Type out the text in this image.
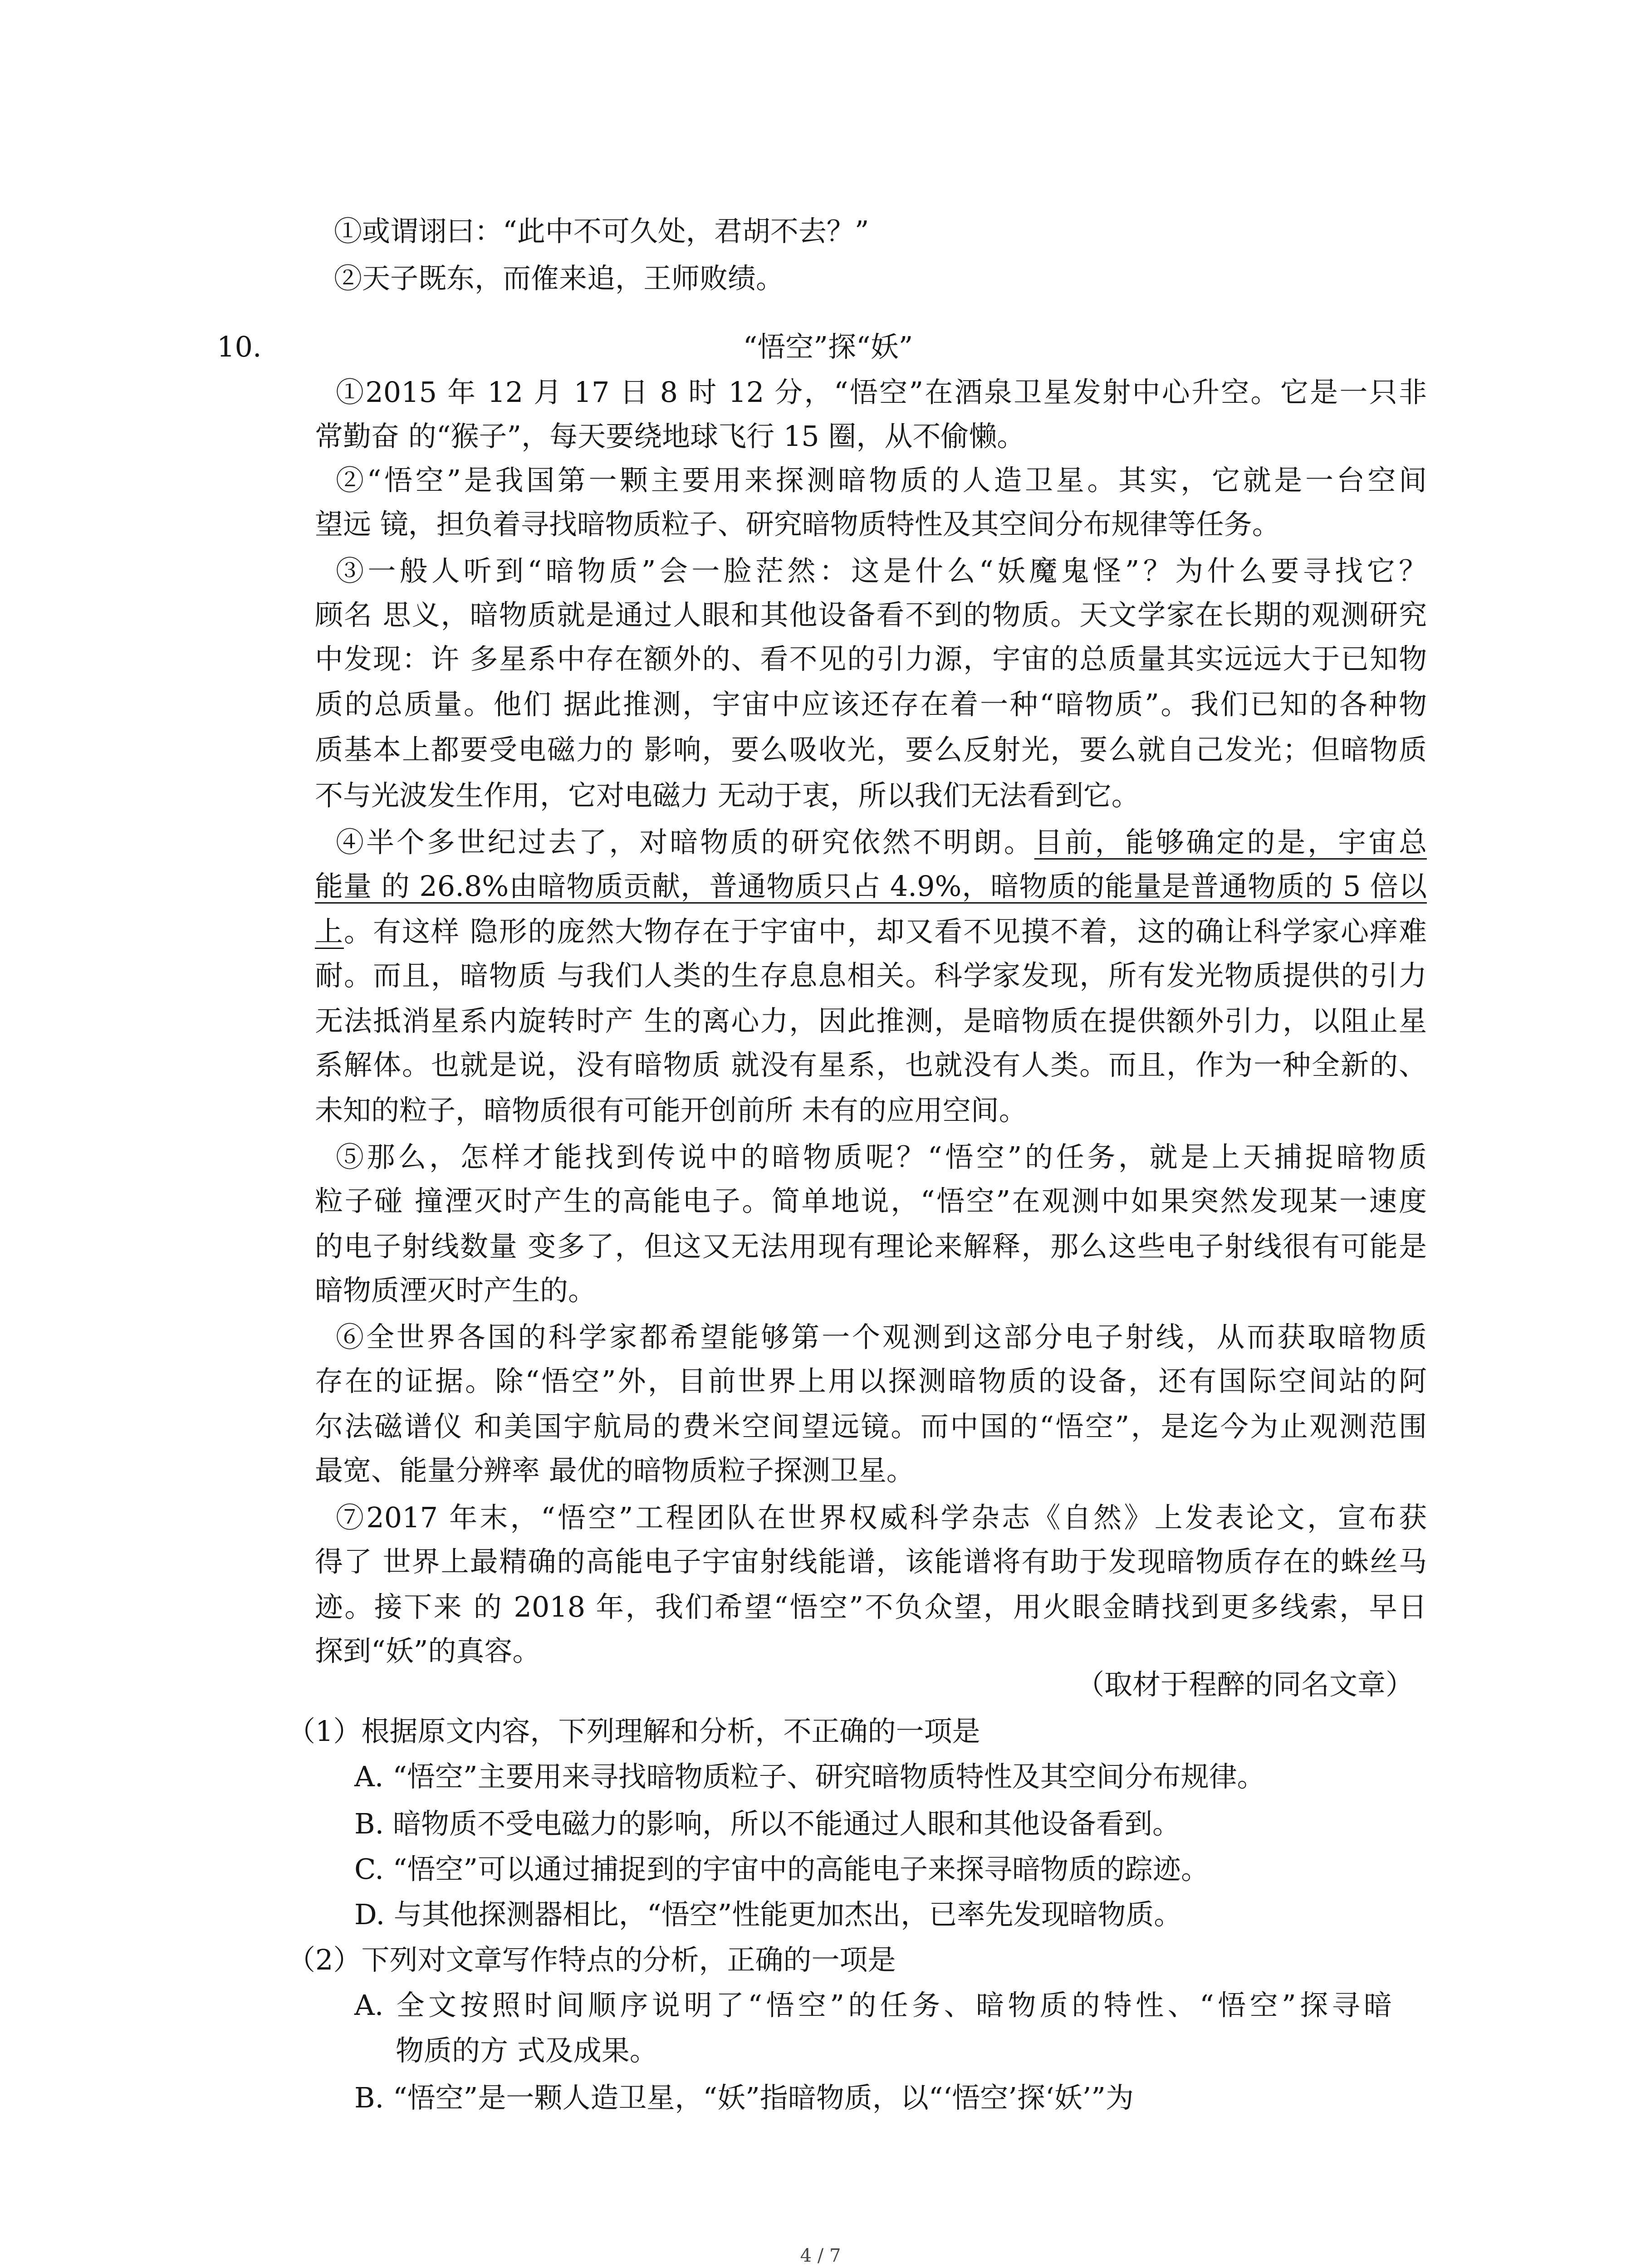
①或谓诩曰：“此中不可久处，君胡不去？”
②天子既东，而傕来追，王师败绩。
10.	“悟空”探“妖”
①2015 年 12 月 17 日 8 时 12 分，“悟空”在酒泉卫星发射中心升空。它是一只非
常勤奋 的“猴子”，每天要绕地球飞行 15 圈，从不偷懒。
②“悟空”是我国第一颗主要用来探测暗物质的人造卫星。其实，它就是一台空间
望远 镜，担负着寻找暗物质粒子、研究暗物质特性及其空间分布规律等任务。
③一般人听到“暗物质”会一脸茫然：这是什么“妖魔鬼怪”？为什么要寻找它？
顾名 思义，暗物质就是通过人眼和其他设备看不到的物质。天文学家在长期的观测研究
中发现：许 多星系中存在额外的、看不见的引力源，宇宙的总质量其实远远大于已知物
质的总质量。他们 据此推测，宇宙中应该还存在着一种“暗物质”。我们已知的各种物
质基本上都要受电磁力的 影响，要么吸收光，要么反射光，要么就自己发光；但暗物质
不与光波发生作用，它对电磁力 无动于衷，所以我们无法看到它。
④半个多世纪过去了，对暗物质的研究依然不明朗。目前，能够确定的是，宇宙总
能量 的 26.8%由暗物质贡献，普通物质只占 4.9%，暗物质的能量是普通物质的 5 倍以
上。有这样 隐形的庞然大物存在于宇宙中，却又看不见摸不着，这的确让科学家心痒难
耐。而且，暗物质 与我们人类的生存息息相关。科学家发现，所有发光物质提供的引力
无法抵消星系内旋转时产 生的离心力，因此推测，是暗物质在提供额外引力，以阻止星
系解体。也就是说，没有暗物质 就没有星系，也就没有人类。而且，作为一种全新的、
未知的粒子，暗物质很有可能开创前所 未有的应用空间。
⑤那么，怎样才能找到传说中的暗物质呢？“悟空”的任务，就是上天捕捉暗物质
粒子碰 撞湮灭时产生的高能电子。简单地说，“悟空”在观测中如果突然发现某一速度
的电子射线数量 变多了，但这又无法用现有理论来解释，那么这些电子射线很有可能是
暗物质湮灭时产生的。
⑥全世界各国的科学家都希望能够第一个观测到这部分电子射线，从而获取暗物质
存在的证据。除“悟空”外，目前世界上用以探测暗物质的设备，还有国际空间站的阿
尔法磁谱仪 和美国宇航局的费米空间望远镜。而中国的“悟空”，是迄今为止观测范围
最宽、能量分辨率 最优的暗物质粒子探测卫星。
⑦2017 年末，“悟空”工程团队在世界权威科学杂志《自然》上发表论文，宣布获
得了 世界上最精确的高能电子宇宙射线能谱，该能谱将有助于发现暗物质存在的蛛丝马
迹。接下来 的 2018 年，我们希望“悟空”不负众望，用火眼金睛找到更多线索，早日
探到“妖”的真容。
（取材于程醉的同名文章）
（1）根据原文内容，下列理解和分析，不正确的一项是
A. “悟空”主要用来寻找暗物质粒子、研究暗物质特性及其空间分布规律。
B. 暗物质不受电磁力的影响，所以不能通过人眼和其他设备看到。
C. “悟空”可以通过捕捉到的宇宙中的高能电子来探寻暗物质的踪迹。
D. 与其他探测器相比，“悟空”性能更加杰出，已率先发现暗物质。
（2）下列对文章写作特点的分析，正确的一项是
A. 全文按照时间顺序说明了“悟空”的任务、暗物质的特性、“悟空”探寻暗
物质的方 式及成果。
B. “悟空”是一颗人造卫星，“妖”指暗物质，以“‘悟空’探‘妖’”为
4 / 7
